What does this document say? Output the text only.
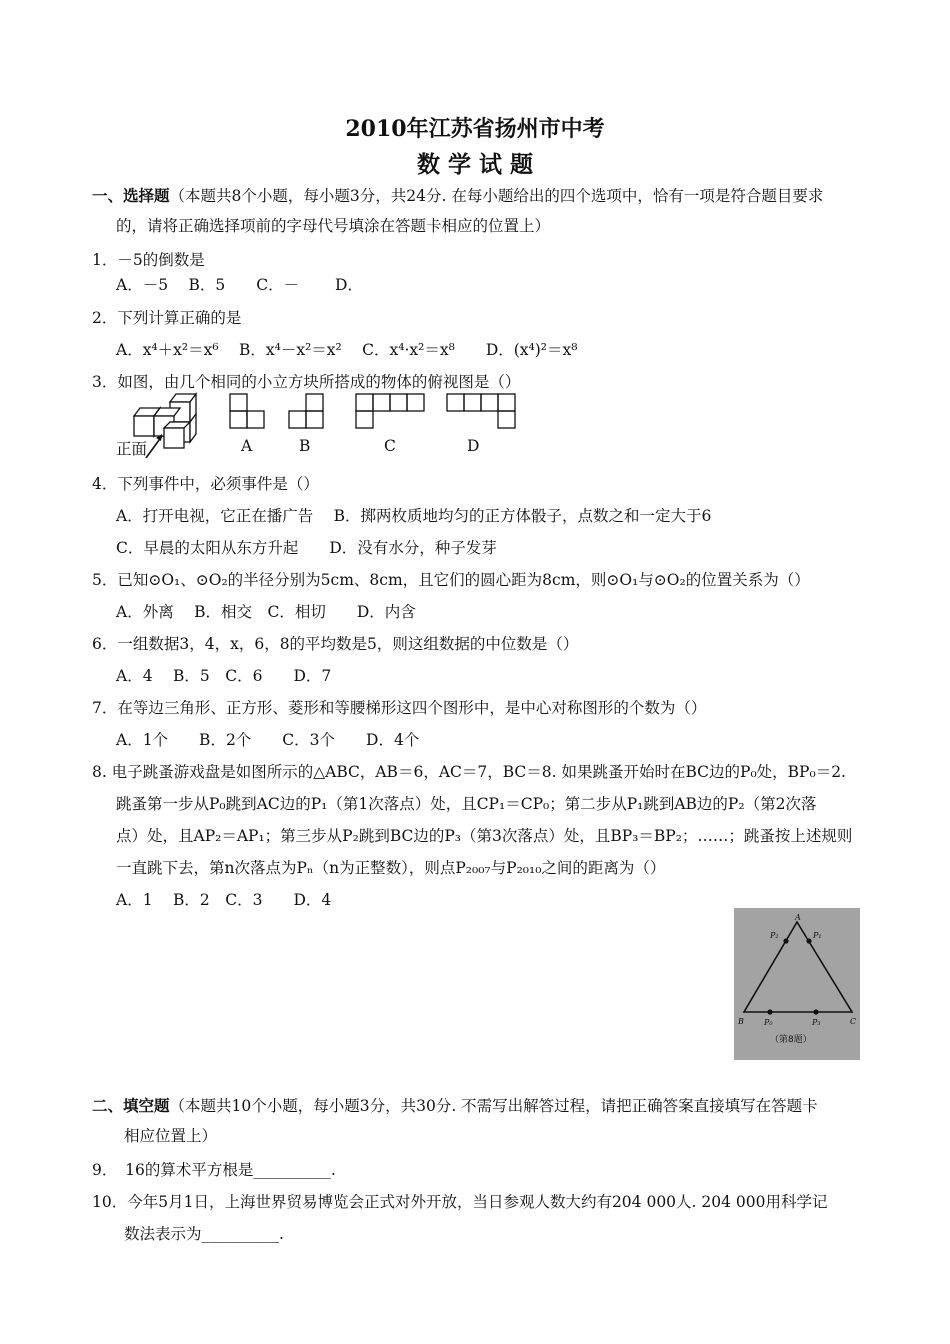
2010年江苏省扬州市中考
数 学 试 题
一、选择题（本题共8个小题，每小题3分，共24分. 在每小题给出的四个选项中，恰有一项是符合题目要求
的，请将正确选择项前的字母代号填涂在答题卡相应的位置上）
1．－5的倒数是
A．－5　 B．5　　C．－　　 D．
2．下列计算正确的是
A．x⁴＋x²＝x⁶　 B．x⁴－x²＝x²　 C．x⁴·x²＝x⁸　　D．(x⁴)²＝x⁸
3．如图，由几个相同的小立方块所搭成的物体的俯视图是（）
正面	A	B	C	D
4．下列事件中，必须事件是（）
A．打开电视，它正在播广告　 B．掷两枚质地均匀的正方体骰子，点数之和一定大于6
C．早晨的太阳从东方升起　　D．没有水分，种子发芽
5．已知⊙O₁、⊙O₂的半径分别为5cm、8cm，且它们的圆心距为8cm，则⊙O₁与⊙O₂的位置关系为（）
A．外离　 B．相交　C．相切　　D．内含
6．一组数据3，4，x，6，8的平均数是5，则这组数据的中位数是（）
A．4　 B．5　C．6　　D．7
7．在等边三角形、正方形、菱形和等腰梯形这四个图形中，是中心对称图形的个数为（）
A．1个　　B．2个　　C．3个　　D．4个
8. 电子跳蚤游戏盘是如图所示的△ABC，AB＝6，AC＝7，BC＝8. 如果跳蚤开始时在BC边的P₀处，BP₀＝2.
跳蚤第一步从P₀跳到AC边的P₁（第1次落点）处，且CP₁＝CP₀；第二步从P₁跳到AB边的P₂（第2次落
点）处，且AP₂＝AP₁；第三步从P₂跳到BC边的P₃（第3次落点）处，且BP₃＝BP₂；……；跳蚤按上述规则
一直跳下去，第n次落点为Pₙ（n为正整数），则点P₂₀₀₇与P₂₀₁₀之间的距离为（）
A．1　 B．2　C．3　　D．4
A
P₂	P₁
B	P₀	P₃	C
（第8题）
二、填空题（本题共10个小题，每小题3分，共30分. 不需写出解答过程，请把正确答案直接填写在答题卡
相应位置上）
9．　16的算术平方根是__________.
10．今年5月1日，上海世界贸易博览会正式对外开放，当日参观人数大约有204 000人. 204 000用科学记
数法表示为__________.
